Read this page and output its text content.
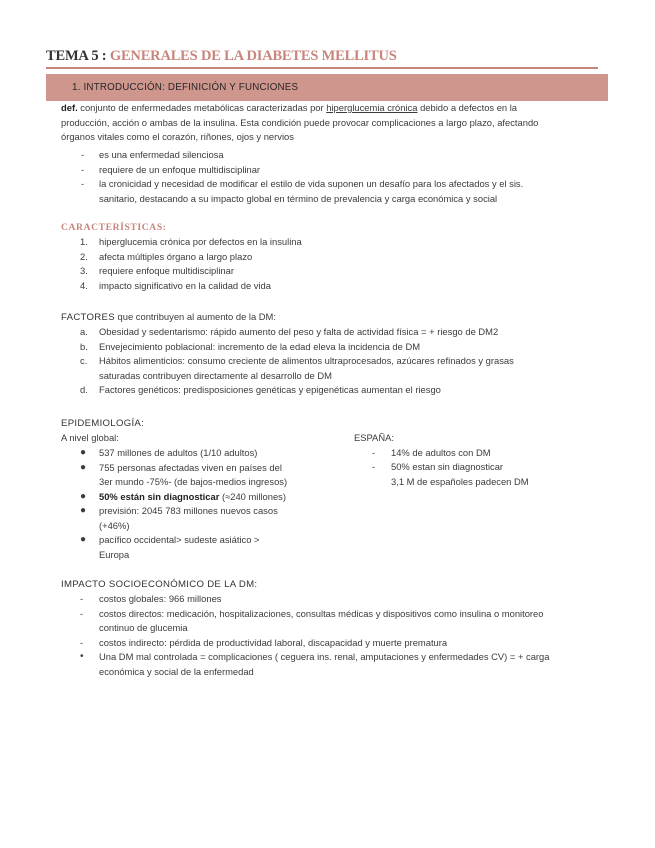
TEMA 5 : GENERALES DE LA DIABETES MELLITUS
1. INTRODUCCIÓN: DEFINICIÓN Y FUNCIONES

def. conjunto de enfermedades metabólicas caracterizadas por hiperglucemia crónica debido a defectos en la

producción, acción o ambas de la insulina. Esta condición puede provocar complicaciones a largo plazo, afectando

órganos vitales como el corazón, riñones, ojos y nervios

- es una enfermedad silenciosa
- requiere de un enfoque multidisciplinar
- la cronicidad y necesidad de modificar el estilo de vida suponen un desafío para los afectados y el sis.
sanitario, destacando a su impacto global en término de prevalencia y carga económica y social
CARACTERÍSTICAS:
1. hiperglucemia crónica por defectos en la insulina
2. afecta múltiples órgano a largo plazo
3. requiere enfoque multidisciplinar
4. impacto significativo en la calidad de vida
FACTORES que contribuyen al aumento de la DM:
a. Obesidad y sedentarismo: rápido aumento del peso y falta de actividad física = + riesgo de DM2
b. Envejecimiento poblacional: incremento de la edad eleva la incidencia de DM
c. Hábitos alimenticios: consumo creciente de alimentos ultraprocesados, azúcares refinados y grasas
saturadas contribuyen directamente al desarrollo de DM
d. Factores genéticos: predisposiciones genéticas y epigenéticas aumentan el riesgo
EPIDEMIOLOGÍA:
A nivel global:
● 537 millones de adultos (1/10 adultos)
● 755 personas afectadas viven en países del
3er mundo -75%- (de bajos-medios ingresos)
● 50% están sin diagnosticar (≈240 millones)
● previsión: 2045 783 millones nuevos casos
(+46%)
● pacífico occidental> sudeste asiático >
Europa
ESPAÑA:
- 14% de adultos con DM
- 50% estan sin diagnosticar
3,1 M de españoles padecen DM
IMPACTO SOCIOECONÓMICO DE LA DM:
- costos globales: 966 millones
- costos directos: medicación, hospitalizaciones, consultas médicas y dispositivos como insulina o monitoreo
continuo de glucemia
- costos indirecto: pérdida de productividad laboral, discapacidad y muerte prematura
• Una DM mal controlada = complicaciones ( ceguera ins. renal, amputaciones y enfermedades CV) = + carga
económica y social de la enfermedad
